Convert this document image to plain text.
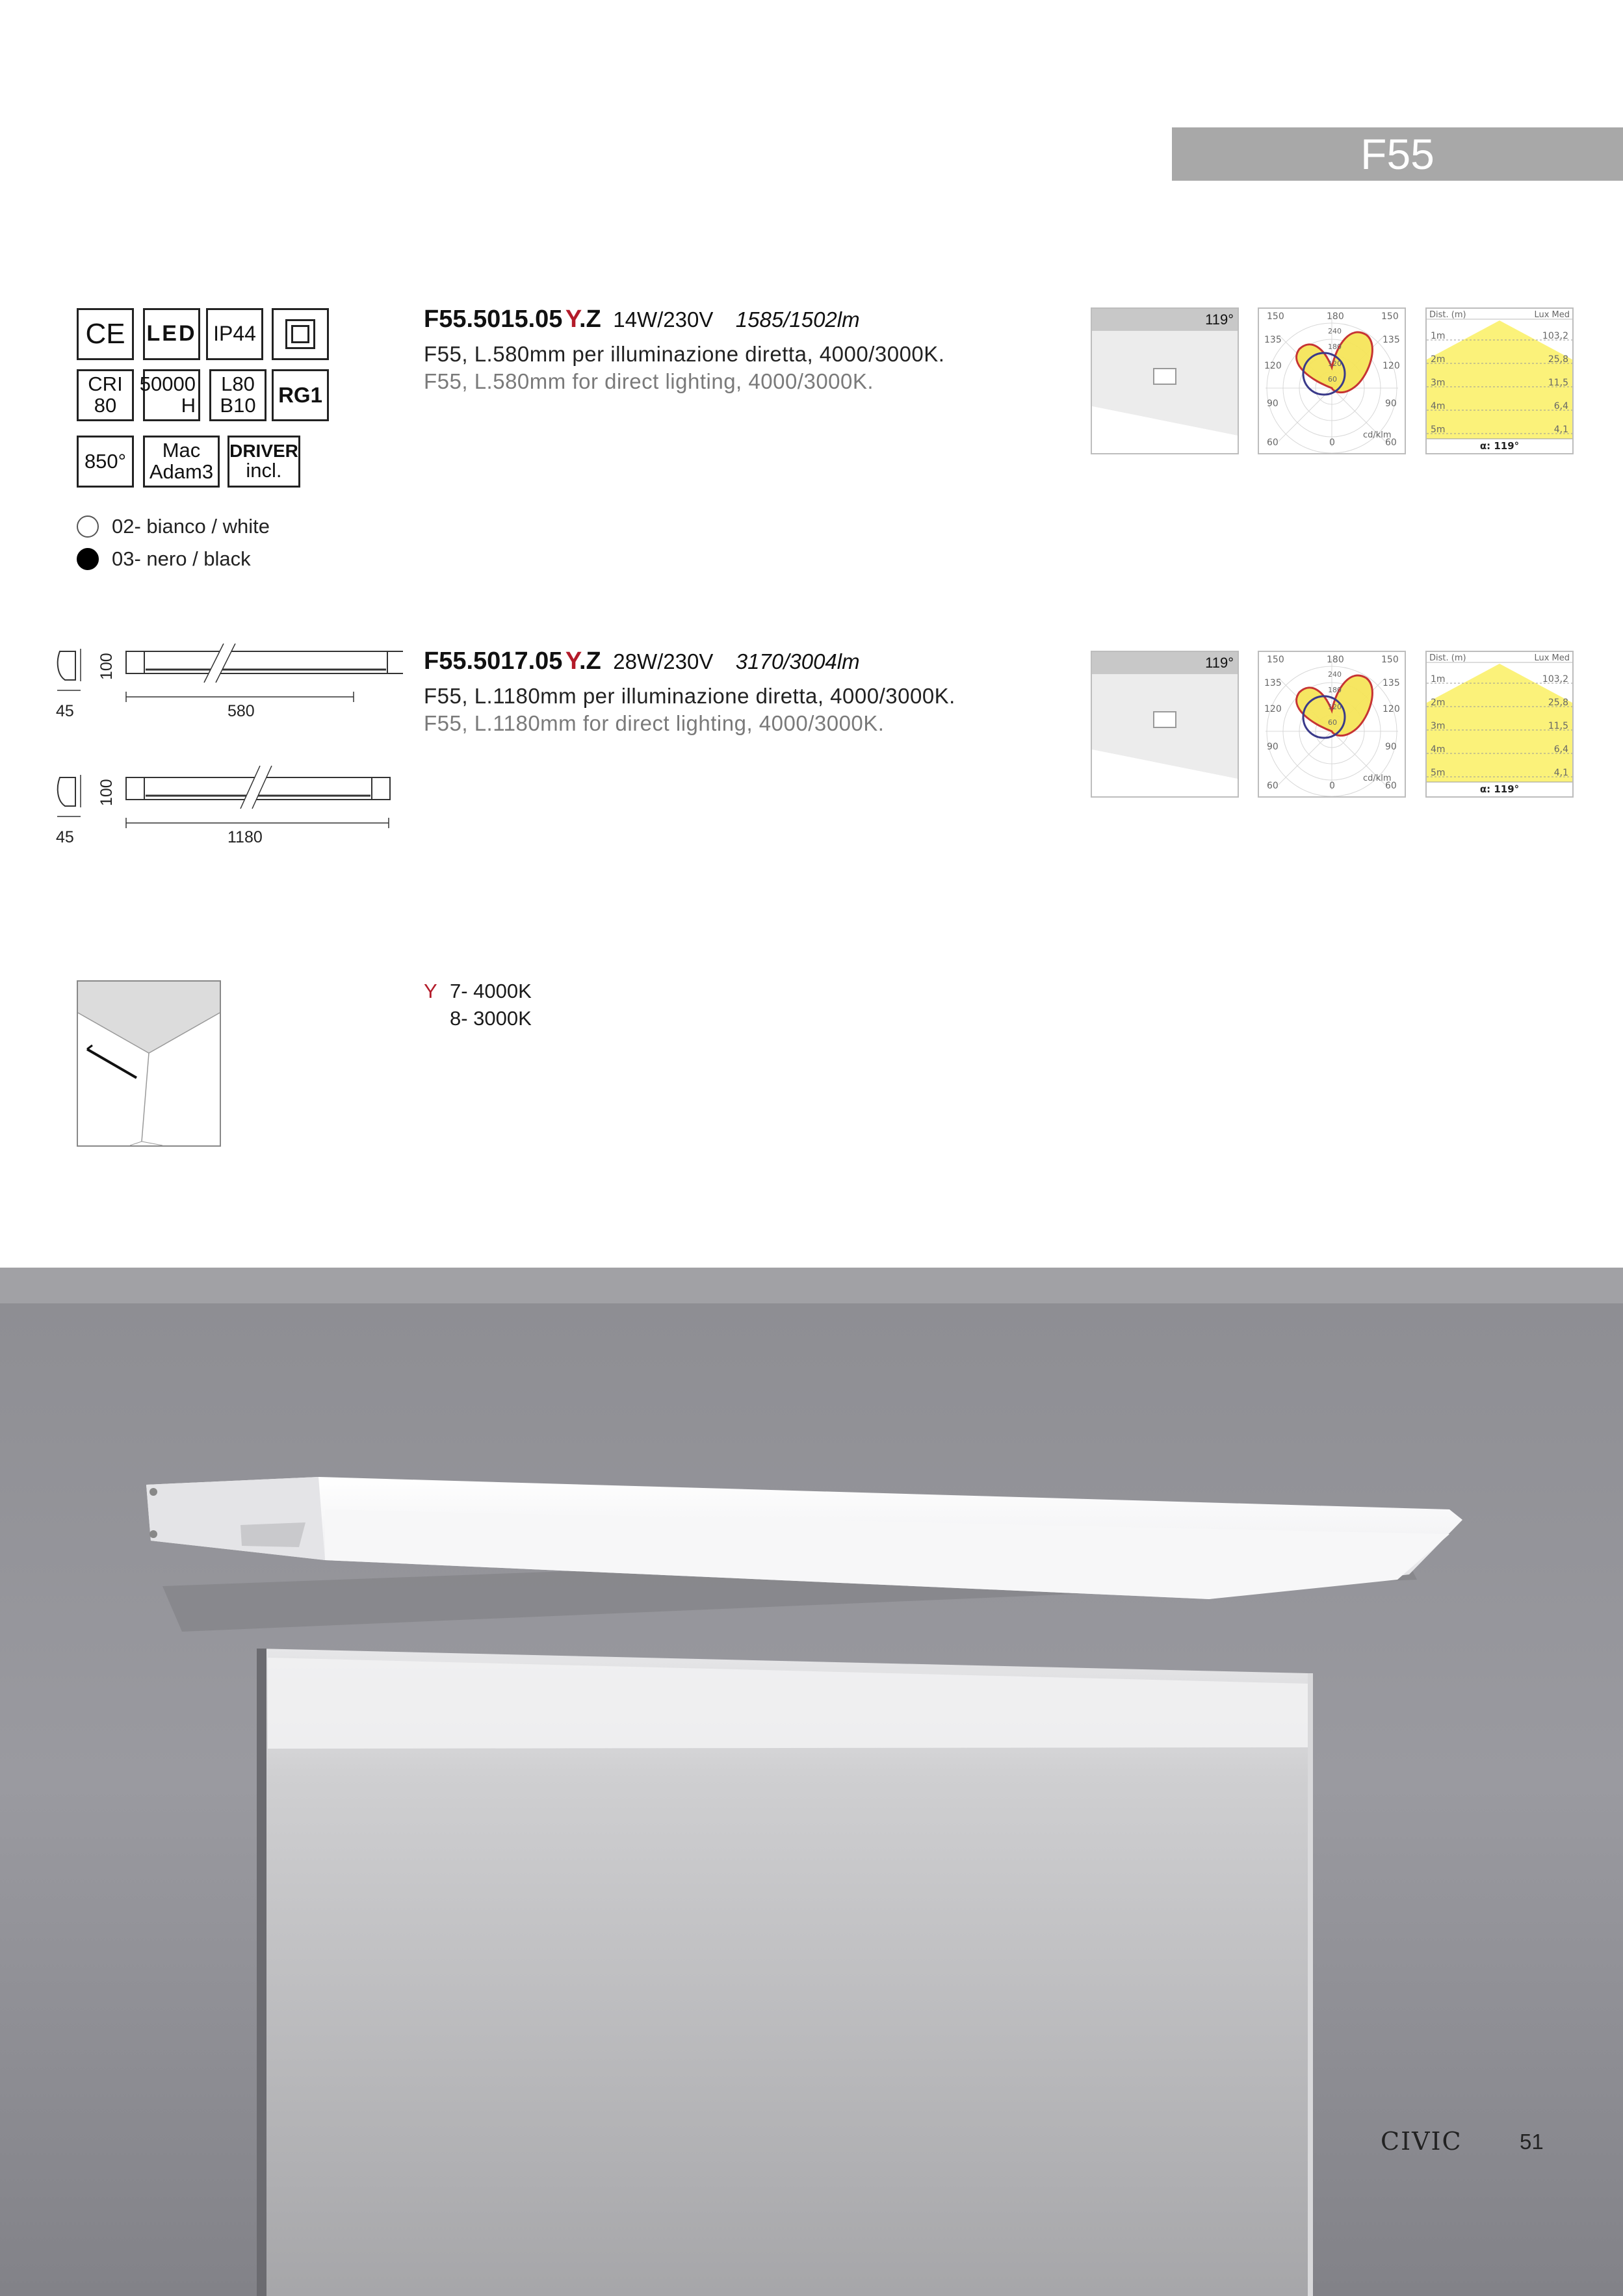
F55
CE LED IP44
CRI
80
50000
H
L80
B10	RG1
850°	Mac
Adam3
DRIVER
incl.
02- bianco / white
03- nero / black
F55.5015.05 Y.Z 14W/230V 1585/1502lm
F55, L.580mm per illuminazione diretta, 4000/3000K.
F55, L.580mm for direct lighting, 4000/3000K.
F55.5017.05 Y.Z 28W/230V 3170/3004lm
F55, L.1180mm per illuminazione diretta, 4000/3000K.
F55, L.1180mm for direct lighting, 4000/3000K.
119°	150	180	150
135
120
90
60
135
120
90
60
0
240
180
120
60
cd/klm
Dist. (m)	Lux Med
1m	103,2
2m	25,8
3m	11,5
4m	6,4
5m	4,1
α: 119°
119°	150	180	150
135
120
90
60
135
120
90
60
0
240
180
120
60
cd/klm
Dist. (m)	Lux Med
1m	103,2
2m	25,8
3m	11,5
4m	6,4
5m	4,1
α: 119°
100
45	580
100
45	1180
Y 7- 4000K
8- 3000K
CIVIC	51
